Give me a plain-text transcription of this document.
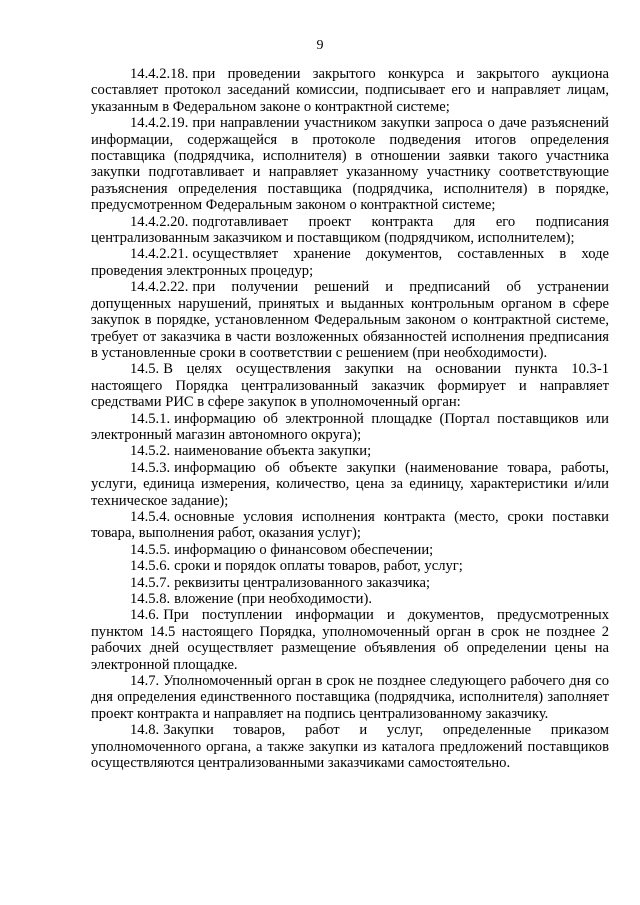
9

14.4.2.18. при проведении закрытого конкурса и закрытого аукциона составляет протокол заседаний комиссии, подписывает его и направляет лицам, указанным в Федеральном законе о контрактной системе;

14.4.2.19. при направлении участником закупки запроса о даче разъяснений информации, содержащейся в протоколе подведения итогов определения поставщика (подрядчика, исполнителя) в отношении заявки такого участника закупки подготавливает и направляет указанному участнику соответствующие разъяснения определения поставщика (подрядчика, исполнителя) в порядке, предусмотренном Федеральным законом о контрактной системе;

14.4.2.20. подготавливает проект контракта для его подписания централизованным заказчиком и поставщиком (подрядчиком, исполнителем);

14.4.2.21. осуществляет хранение документов, составленных в ходе проведения электронных процедур;

14.4.2.22. при получении решений и предписаний об устранении допущенных нарушений, принятых и выданных контрольным органом в сфере закупок в порядке, установленном Федеральным законом о контрактной системе, требует от заказчика в части возложенных обязанностей исполнения предписания в установленные сроки в соответствии с решением (при необходимости).

14.5. В целях осуществления закупки на основании пункта 10.3-1 настоящего Порядка централизованный заказчик формирует и направляет средствами РИС в сфере закупок в уполномоченный орган:

14.5.1. информацию об электронной площадке (Портал поставщиков или электронный магазин автономного округа);

14.5.2. наименование объекта закупки;

14.5.3. информацию об объекте закупки (наименование товара, работы, услуги, единица измерения, количество, цена за единицу, характеристики и/или техническое задание);

14.5.4. основные условия исполнения контракта (место, сроки поставки товара, выполнения работ, оказания услуг);

14.5.5. информацию о финансовом обеспечении;

14.5.6. сроки и порядок оплаты товаров, работ, услуг;

14.5.7. реквизиты централизованного заказчика;

14.5.8. вложение (при необходимости).

14.6. При поступлении информации и документов, предусмотренных пунктом 14.5 настоящего Порядка, уполномоченный орган в срок не позднее 2 рабочих дней осуществляет размещение объявления об определении цены на электронной площадке.

14.7. Уполномоченный орган в срок не позднее следующего рабочего дня со дня определения единственного поставщика (подрядчика, исполнителя) заполняет проект контракта и направляет на подпись централизованному заказчику.

14.8. Закупки товаров, работ и услуг, определенные приказом уполномоченного органа, а также закупки из каталога предложений поставщиков осуществляются централизованными заказчиками самостоятельно.
